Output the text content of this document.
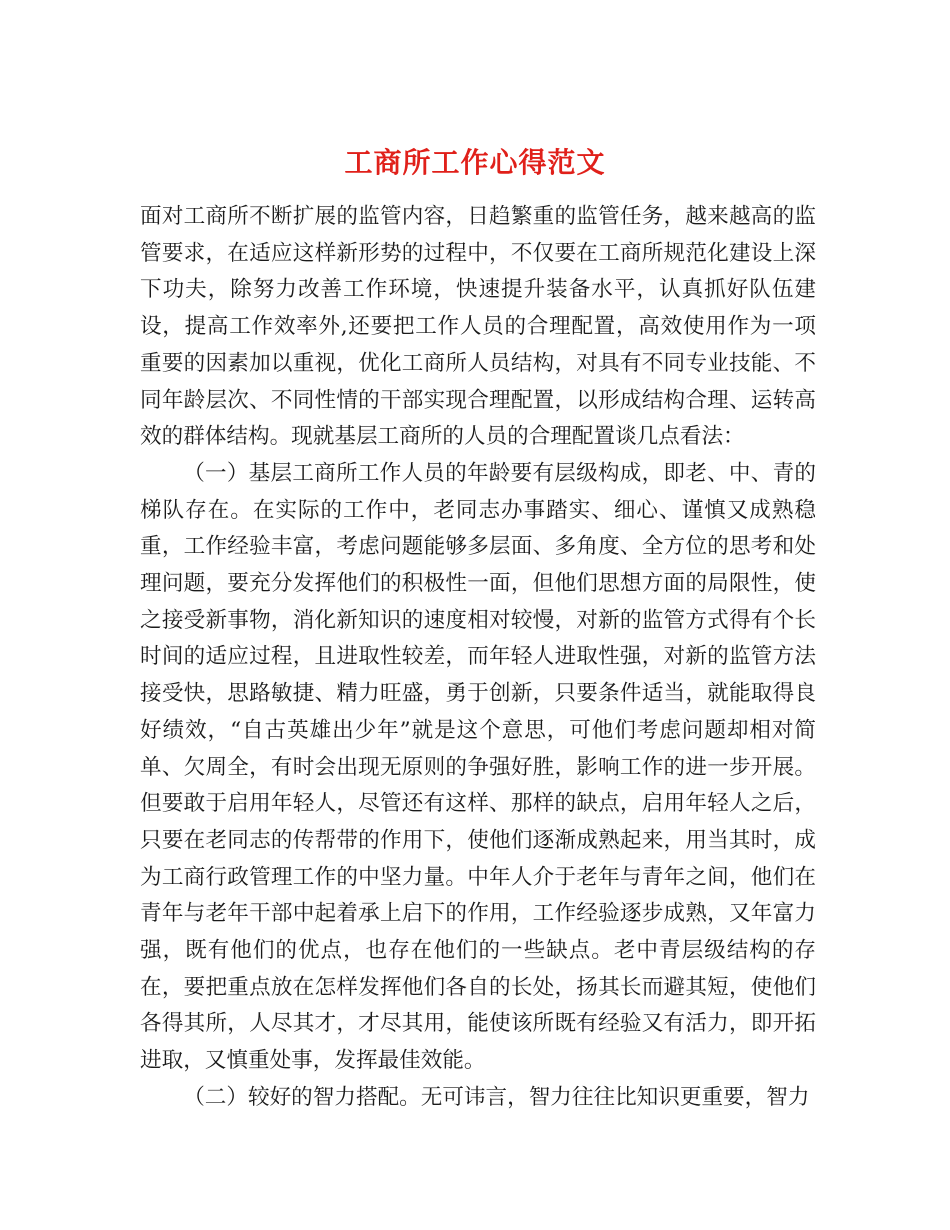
工商所工作心得范文

面对工商所不断扩展的监管内容，日趋繁重的监管任务，越来越高的监管要求，在适应这样新形势的过程中，不仅要在工商所规范化建设上深下功夫，除努力改善工作环境，快速提升装备水平，认真抓好队伍建设，提高工作效率外,还要把工作人员的合理配置，高效使用作为一项重要的因素加以重视，优化工商所人员结构，对具有不同专业技能、不同年龄层次、不同性情的干部实现合理配置，以形成结构合理、运转高效的群体结构。现就基层工商所的人员的合理配置谈几点看法：

（一）基层工商所工作人员的年龄要有层级构成，即老、中、青的梯队存在。在实际的工作中，老同志办事踏实、细心、谨慎又成熟稳重，工作经验丰富，考虑问题能够多层面、多角度、全方位的思考和处理问题，要充分发挥他们的积极性一面，但他们思想方面的局限性，使之接受新事物，消化新知识的速度相对较慢，对新的监管方式得有个长时间的适应过程，且进取性较差，而年轻人进取性强，对新的监管方法接受快，思路敏捷、精力旺盛，勇于创新，只要条件适当，就能取得良好绩效，“自古英雄出少年”就是这个意思，可他们考虑问题却相对简单、欠周全，有时会出现无原则的争强好胜，影响工作的进一步开展。但要敢于启用年轻人，尽管还有这样、那样的缺点，启用年轻人之后，只要在老同志的传帮带的作用下，使他们逐渐成熟起来，用当其时，成为工商行政管理工作的中坚力量。中年人介于老年与青年之间，他们在青年与老年干部中起着承上启下的作用，工作经验逐步成熟，又年富力强，既有他们的优点，也存在他们的一些缺点。老中青层级结构的存在，要把重点放在怎样发挥他们各自的长处，扬其长而避其短，使他们各得其所，人尽其才，才尽其用，能使该所既有经验又有活力，即开拓进取，又慎重处事，发挥最佳效能。

（二）较好的智力搭配。无可讳言，智力往往比知识更重要，智力
